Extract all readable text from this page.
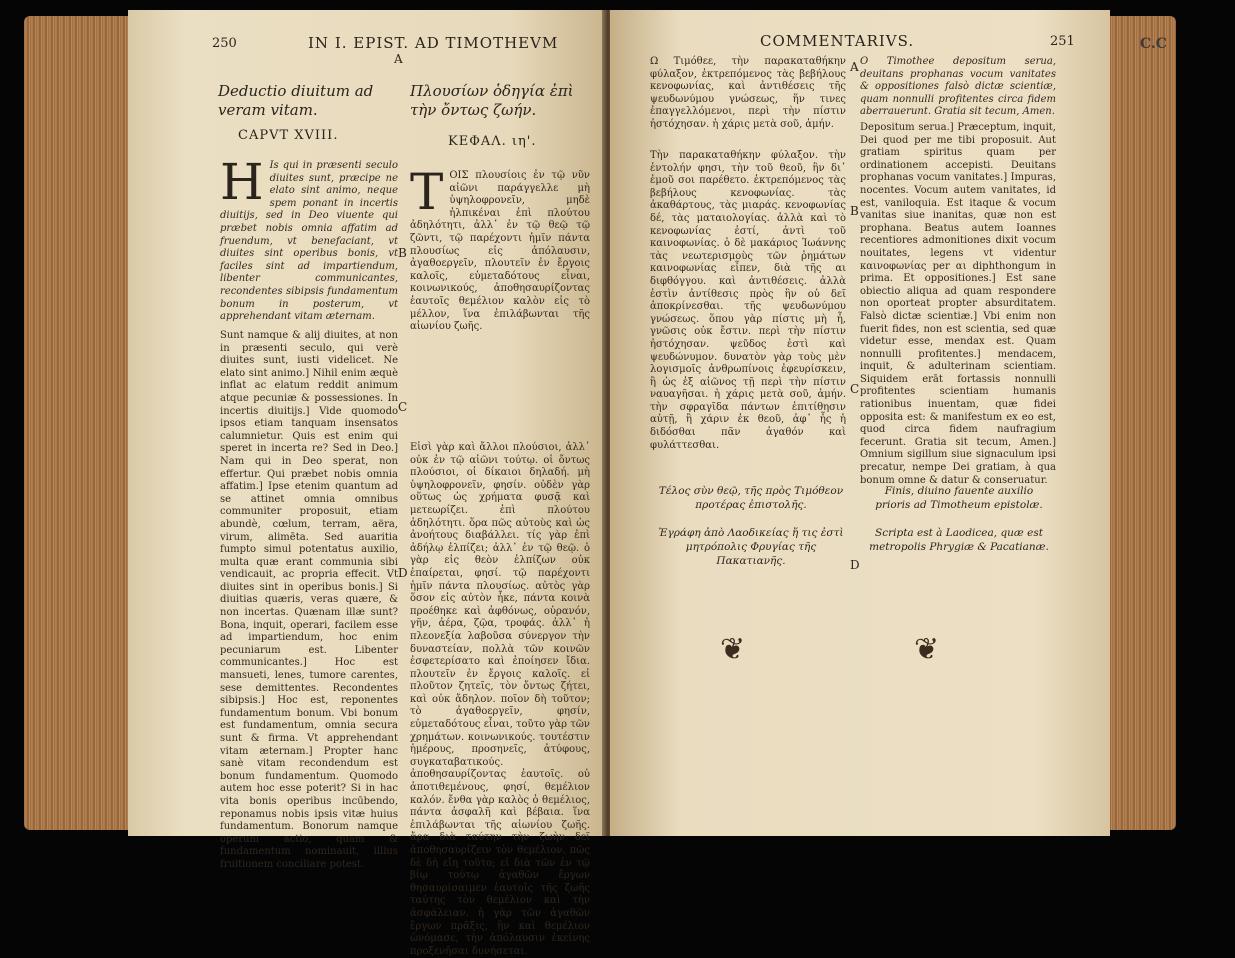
C.C
250	IN I. EPIST. AD TIMOTHEVM
A
Deductio diuitum ad veram vitam.
CAPVT XVIII.
Πλουσίων ὁδηγία ἐπὶ τὴν ὄντως ζωήν.
ΚΕΦΑΛ. ιη'.
H Is qui in præsenti seculo diuites sunt, præcipe ne elato sint animo, neque spem ponant in incertis diuitijs, sed in Deo viuente qui præbet nobis omnia affatim ad fruendum, vt benefaciant, vt diuites sint operibus bonis, vt faciles sint ad impartiendum, libenter communicantes, recondentes sibipsis fundamentum bonum in posterum, vt apprehendant vitam æternam.
Sunt namque & alij diuites, at non in præsenti seculo, qui verè diuites sunt, iusti videlicet. Ne elato sint animo.] Nihil enim æquè inflat ac elatum reddit animum atque pecuniæ & possessiones. In incertis diuitijs.] Vide quomodo ipsos etiam tanquam insensatos calumnietur. Quis est enim qui speret in incerta re? Sed in Deo.] Nam qui in Deo sperat, non effertur. Qui præbet nobis omnia affatim.] Ipse etenim quantum ad se attinet omnia omnibus communiter proposuit, etiam abundè, cœlum, terram, aëra, virum, alimēta. Sed auaritia fumpto simul potentatus auxilio, multa quæ erant communia sibi vendicauit, ac propria effecit. Vt diuites sint in operibus bonis.] Si diuitias quæris, veras quære, & non incertas. Quænam illæ sunt? Bona, inquit, operari, facilem esse ad impartiendum, hoc enim pecuniarum est. Libenter communicantes.] Hoc est mansueti, lenes, tumore carentes, sese demittentes. Recondentes sibipsis.] Hoc est, reponentes fundamentum bonum. Vbi bonum est fundamentum, omnia secura sunt & firma. Vt apprehendant vitam æternam.] Propter hanc sanè vitam recondendum est bonum fundamentum. Quomodo autem hoc esse poterit? Si in hac vita bonis operibus incūbendo, reponamus nobis ipsis vitæ huius fundamentum. Bonorum namque operum actio, quam & fundamentum nominauit, illius fruitionem conciliare potest.
ΤΟΙΣ πλουσίοις ἐν τῷ νῦν αἰῶνι παράγγελλε μὴ ὑψηλοφρονεῖν, μηδὲ ἠλπικέναι ἐπὶ πλούτου ἀδηλότητι, ἀλλ᾿ ἐν τῷ θεῷ τῷ ζῶντι, τῷ παρέχοντι ἡμῖν πάντα πλουσίως εἰς ἀπόλαυσιν, ἀγαθοεργεῖν, πλουτεῖν ἐν ἔργοις καλοῖς, εὐμεταδότους εἶναι, κοινωνικούς, ἀποθησαυρίζοντας ἑαυτοῖς θεμέλιον καλὸν εἰς τὸ μέλλον, ἵνα ἐπιλάβωνται τῆς αἰωνίου ζωῆς.
Εἰσὶ γὰρ καὶ ἄλλοι πλούσιοι, ἀλλ᾿ οὐκ ἐν τῷ αἰῶνι τούτῳ. οἱ ὄντως πλούσιοι, οἱ δίκαιοι δηλαδή. μὴ ὑψηλοφρονεῖν, φησίν. οὐδὲν γὰρ οὕτως ὡς χρήματα φυσᾷ καὶ μετεωρίζει. ἐπὶ πλούτου ἀδηλότητι. ὅρα πῶς αὐτοὺς καὶ ὡς ἀνοήτους διαβάλλει. τίς γὰρ ἐπὶ ἀδήλῳ ἐλπίζει; ἀλλ᾿ ἐν τῷ θεῷ. ὁ γὰρ εἰς θεὸν ἐλπίζων οὐκ ἐπαίρεται, φησί. τῷ παρέχοντι ἡμῖν πάντα πλουσίως. αὐτὸς γὰρ ὅσον εἰς αὐτὸν ἧκε, πάντα κοινὰ προέθηκε καὶ ἀφθόνως, οὐρανόν, γῆν, ἀέρα, ζῷα, τροφάς. ἀλλ᾿ ἡ πλεονεξία λαβοῦσα σύνεργον τὴν δυναστείαν, πολλὰ τῶν κοινῶν ἐσφετερίσατο καὶ ἐποίησεν ἴδια. πλουτεῖν ἐν ἔργοις καλοῖς. εἰ πλοῦτον ζητεῖς, τὸν ὄντως ζήτει, καὶ οὐκ ἄδηλον. ποῖον δὴ τοῦτον; τὸ ἀγαθοεργεῖν, φησίν, εὐμεταδότους εἶναι, τοῦτο γὰρ τῶν χρημάτων. κοινωνικούς. τουτέστιν ἡμέρους, προσηνεῖς, ἀτύφους, συγκαταβατικούς. ἀποθησαυρίζοντας ἑαυτοῖς. οὐ ἀποτιθεμένους, φησί, θεμέλιον καλόν. ἔνθα γὰρ καλὸς ὁ θεμέλιος, πάντα ἀσφαλῆ καὶ βέβαια. ἵνα ἐπιλάβωνται τῆς αἰωνίου ζωῆς. ἄρα διὰ ταύτην τὴν ζωὴν δεῖ ἀποθησαυρίζειν τὸν θεμέλιον. πῶς δὲ δὴ εἴη τοῦτο; εἰ διὰ τῶν ἐν τῷ βίῳ τούτῳ ἀγαθῶν ἔργων θησαυρίσαιμεν ἑαυτοῖς τῆς ζωῆς ταύτης τὸν θεμέλιον καὶ τὴν ἀσφάλειαν. ἡ γὰρ τῶν ἀγαθῶν ἔργων πρᾶξις, ἣν καὶ θεμέλιον ὠνόμασε, τὴν ἀπόλαυσιν ἐκείνης προξενῆσαι δυνήσεται.
B
C
D
COMMENTARIVS.	251
Ω Τιμόθεε, τὴν παρακαταθήκην φύλαξον, ἐκτρεπόμενος τὰς βεβήλους κενοφωνίας, καὶ ἀντιθέσεις τῆς ψευδωνύμου γνώσεως, ἥν τινες ἐπαγγελλόμενοι, περὶ τὴν πίστιν ἠστόχησαν. ἡ χάρις μετὰ σοῦ, ἀμήν.
Τὴν παρακαταθήκην φύλαξον. τὴν ἐντολήν φησι, τὴν τοῦ θεοῦ, ἣν δι᾿ ἐμοῦ σοι παρέθετο. ἐκτρεπόμενος τὰς βεβήλους κενοφωνίας. τὰς ἀκαθάρτους, τὰς μιαράς. κενοφωνίας δέ, τὰς ματαιολογίας. ἀλλὰ καὶ τὸ κενοφωνίας ἐστί, ἀντὶ τοῦ καινοφωνίας. ὁ δὲ μακάριος Ἰωάννης τὰς νεωτερισμοὺς τῶν ῥημάτων καινοφωνίας εἶπεν, διὰ τῆς αι διφθόγγου. καὶ ἀντιθέσεις. ἀλλὰ ἐστὶν ἀντίθεσις πρὸς ἣν οὐ δεῖ ἀποκρίνεσθαι. τῆς ψευδωνύμου γνώσεως. ὅπου γὰρ πίστις μὴ ἦ, γνῶσις οὐκ ἔστιν. περὶ τὴν πίστιν ἠστόχησαν. ψεῦδος ἐστὶ καὶ ψευδώνυμον. δυνατὸν γὰρ τοὺς μὲν λογισμοῖς ἀνθρωπίνοις ἐφευρίσκειν, ἢ ὡς ἐξ αἰῶνος τῇ περὶ τὴν πίστιν ναυαγῆσαι. ἡ χάρις μετὰ σοῦ, ἀμήν. τὴν σφραγῖδα πάντων ἐπιτίθησιν αὐτῇ, ἢ χάριν ἐκ θεοῦ, ἀφ᾿ ἧς ἡ διδόσθαι πᾶν ἀγαθόν καὶ φυλάττεσθαι.
O Timothee depositum serua, deuitans prophanas vocum vanitates & oppositiones falsò dictæ scientiæ, quam nonnulli profitentes circa fidem aberrauerunt. Gratia sit tecum, Amen.
Depositum serua.] Præceptum, inquit, Dei quod per me tibi proposuit. Aut gratiam spiritus quam per ordinationem accepisti. Deuitans prophanas vocum vanitates.] Impuras, nocentes. Vocum autem vanitates, id est, vaniloquia. Est itaque & vocum vanitas siue inanitas, quæ non est prophana. Beatus autem Ioannes recentiores admonitiones dixit vocum nouitates, legens vt videntur καινοφωνίας per αι diphthongum in prima. Et oppositiones.] Est sane obiectio aliqua ad quam respondere non oporteat propter absurditatem. Falsò dictæ scientiæ.] Vbi enim non fuerit fides, non est scientia, sed quæ videtur esse, mendax est. Quam nonnulli profitentes.] mendacem, inquit, & adulterinam scientiam. Siquidem erāt fortassis nonnulli profitentes scientiam humanis rationibus inuentam, quæ fidei opposita est: & manifestum ex eo est, quod circa fidem naufragium fecerunt. Gratia sit tecum, Amen.] Omnium sigillum siue signaculum ipsi precatur, nempe Dei gratiam, à qua bonum omne & datur & conseruatur.
A
B
C
D
Τέλος σὺν θεῷ, τῆς πρὸς Τιμόθεον προτέρας ἐπιστολῆς.
Ἐγράφη ἀπὸ Λαοδικείας ἥ τις ἐστὶ μητρόπολις Φρυγίας τῆς Πακατιανῆς.
Finis, diuino fauente auxilio prioris ad Timotheum epistolæ.
Scripta est à Laodicea, quæ est metropolis Phrygiæ & Pacatianæ.
❦	❦
